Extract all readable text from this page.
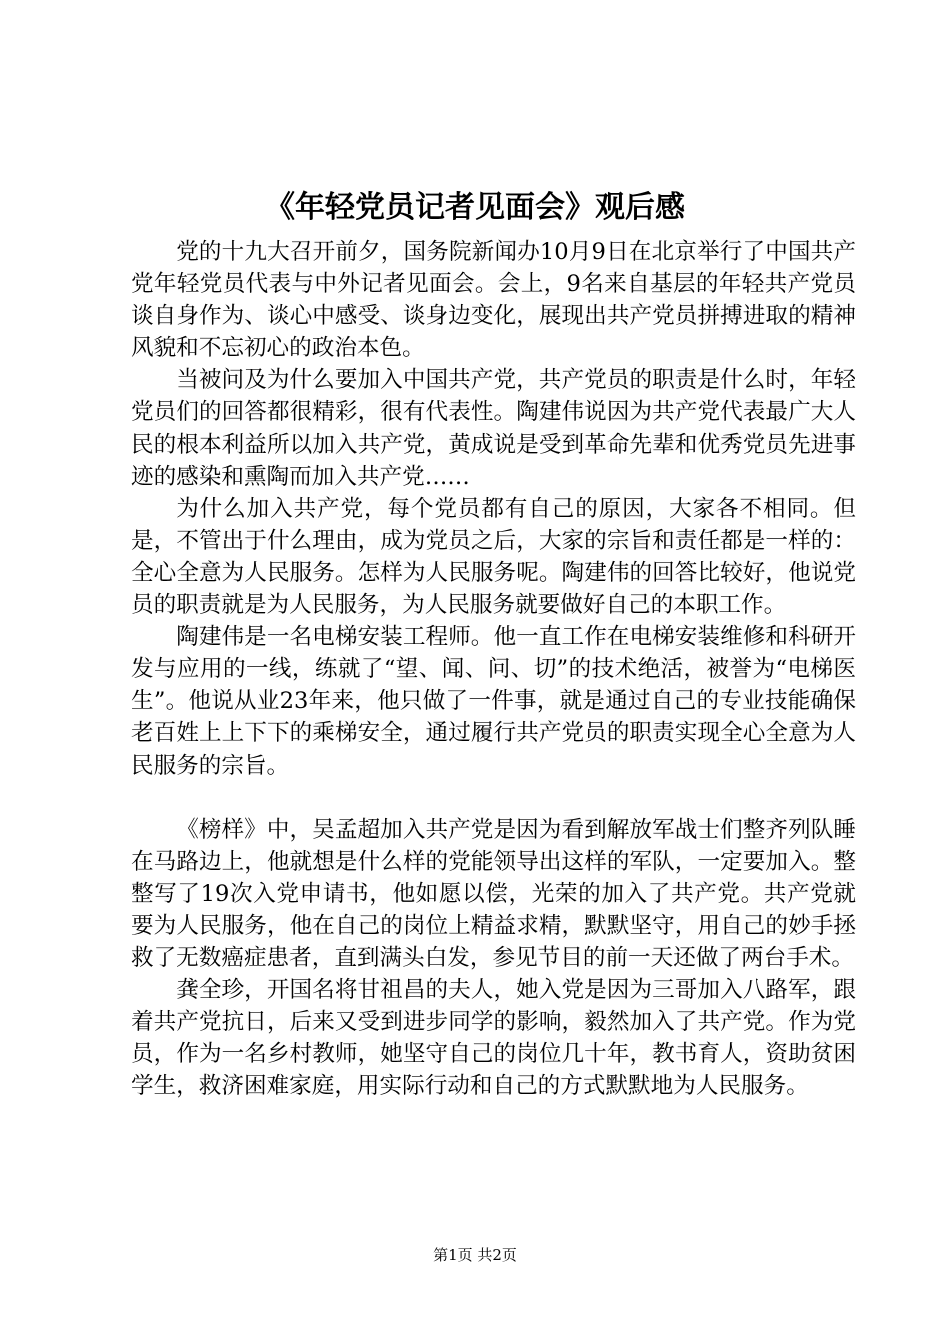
《年轻党员记者见面会》观后感

党的十九大召开前夕，国务院新闻办10月9日在北京举行了中国共产党年轻党员代表与中外记者见面会。会上，9名来自基层的年轻共产党员谈自身作为、谈心中感受、谈身边变化，展现出共产党员拼搏进取的精神风貌和不忘初心的政治本色。

当被问及为什么要加入中国共产党，共产党员的职责是什么时，年轻党员们的回答都很精彩，很有代表性。陶建伟说因为共产党代表最广大人民的根本利益所以加入共产党，黄成说是受到革命先辈和优秀党员先进事迹的感染和熏陶而加入共产党……

为什么加入共产党，每个党员都有自己的原因，大家各不相同。但是，不管出于什么理由，成为党员之后，大家的宗旨和责任都是一样的：全心全意为人民服务。怎样为人民服务呢。陶建伟的回答比较好，他说党员的职责就是为人民服务，为人民服务就要做好自己的本职工作。

陶建伟是一名电梯安装工程师。他一直工作在电梯安装维修和科研开发与应用的一线，练就了“望、闻、问、切”的技术绝活，被誉为“电梯医生”。他说从业23年来，他只做了一件事，就是通过自己的专业技能确保老百姓上上下下的乘梯安全，通过履行共产党员的职责实现全心全意为人民服务的宗旨。

《榜样》中，吴孟超加入共产党是因为看到解放军战士们整齐列队睡在马路边上，他就想是什么样的党能领导出这样的军队，一定要加入。整整写了19次入党申请书，他如愿以偿，光荣的加入了共产党。共产党就要为人民服务，他在自己的岗位上精益求精，默默坚守，用自己的妙手拯救了无数癌症患者，直到满头白发，参见节目的前一天还做了两台手术。

龚全珍，开国名将甘祖昌的夫人，她入党是因为三哥加入八路军，跟着共产党抗日，后来又受到进步同学的影响，毅然加入了共产党。作为党员，作为一名乡村教师，她坚守自己的岗位几十年，教书育人，资助贫困学生，救济困难家庭，用实际行动和自己的方式默默地为人民服务。

第1页 共2页
